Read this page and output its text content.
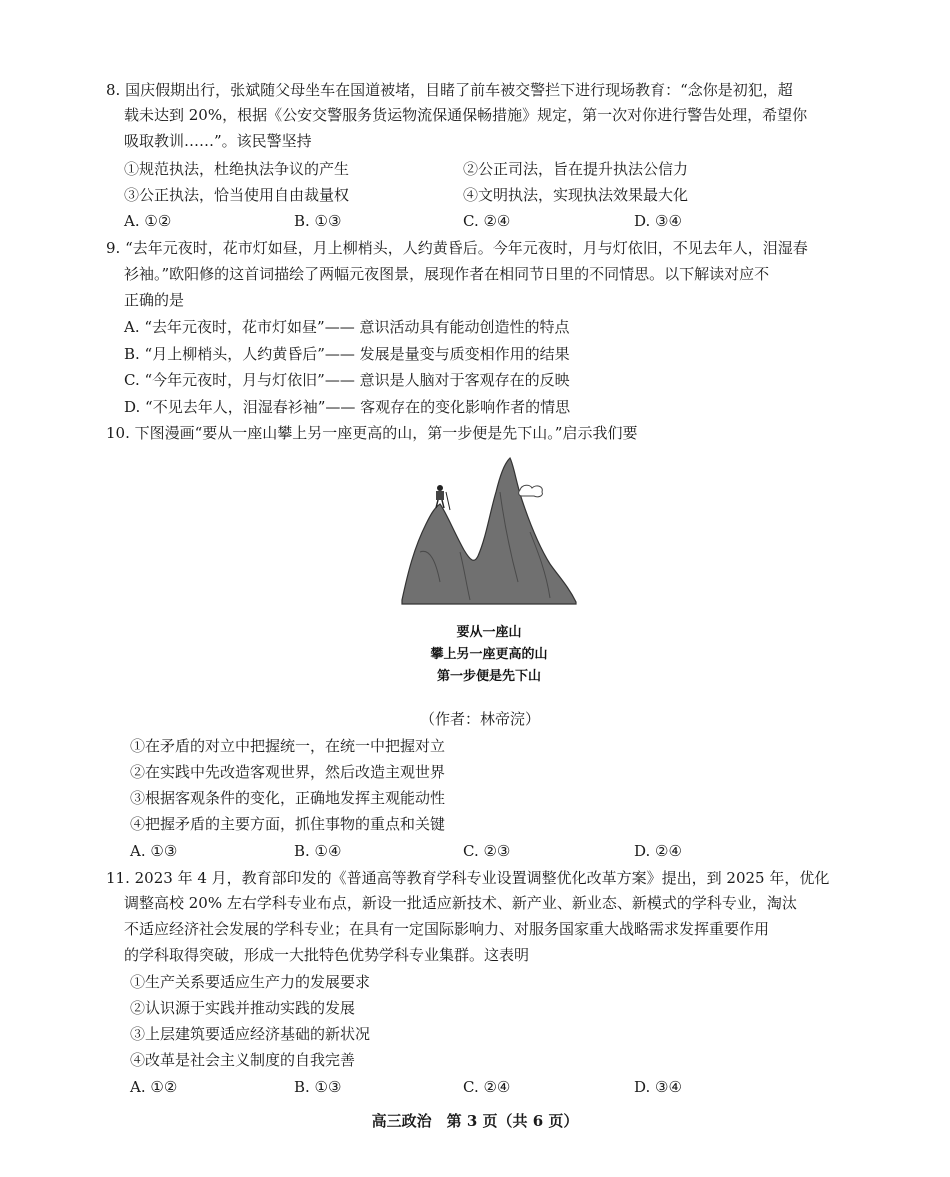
8. 国庆假期出行，张斌随父母坐车在国道被堵，目睹了前车被交警拦下进行现场教育：“念你是初犯，超
载未达到 20%，根据《公安交警服务货运物流保通保畅措施》规定，第一次对你进行警告处理，希望你
吸取教训……”。该民警坚持
①规范执法，杜绝执法争议的产生	②公正司法，旨在提升执法公信力
③公正执法，恰当使用自由裁量权	④文明执法，实现执法效果最大化
A. ①②	B. ①③	C. ②④	D. ③④
9. “去年元夜时，花市灯如昼，月上柳梢头，人约黄昏后。今年元夜时，月与灯依旧，不见去年人，泪湿春
衫袖。”欧阳修的这首词描绘了两幅元夜图景，展现作者在相同节日里的不同情思。以下解读对应不
正确的是
A. “去年元夜时，花市灯如昼”—— 意识活动具有能动创造性的特点
B. “月上柳梢头，人约黄昏后”—— 发展是量变与质变相作用的结果
C. “今年元夜时，月与灯依旧”—— 意识是人脑对于客观存在的反映
D. “不见去年人，泪湿春衫袖”—— 客观存在的变化影响作者的情思
10. 下图漫画“要从一座山攀上另一座更高的山，第一步便是先下山。”启示我们要
要从一座山
攀上另一座更高的山
第一步便是先下山
（作者：林帝浣）
①在矛盾的对立中把握统一，在统一中把握对立
②在实践中先改造客观世界，然后改造主观世界
③根据客观条件的变化，正确地发挥主观能动性
④把握矛盾的主要方面，抓住事物的重点和关键
A. ①③	B. ①④	C. ②③	D. ②④
11. 2023 年 4 月，教育部印发的《普通高等教育学科专业设置调整优化改革方案》提出，到 2025 年，优化
调整高校 20% 左右学科专业布点，新设一批适应新技术、新产业、新业态、新模式的学科专业，淘汰
不适应经济社会发展的学科专业；在具有一定国际影响力、对服务国家重大战略需求发挥重要作用
的学科取得突破，形成一大批特色优势学科专业集群。这表明
①生产关系要适应生产力的发展要求
②认识源于实践并推动实践的发展
③上层建筑要适应经济基础的新状况
④改革是社会主义制度的自我完善
A. ①②	B. ①③	C. ②④	D. ③④
高三政治　第 3 页（共 6 页）
